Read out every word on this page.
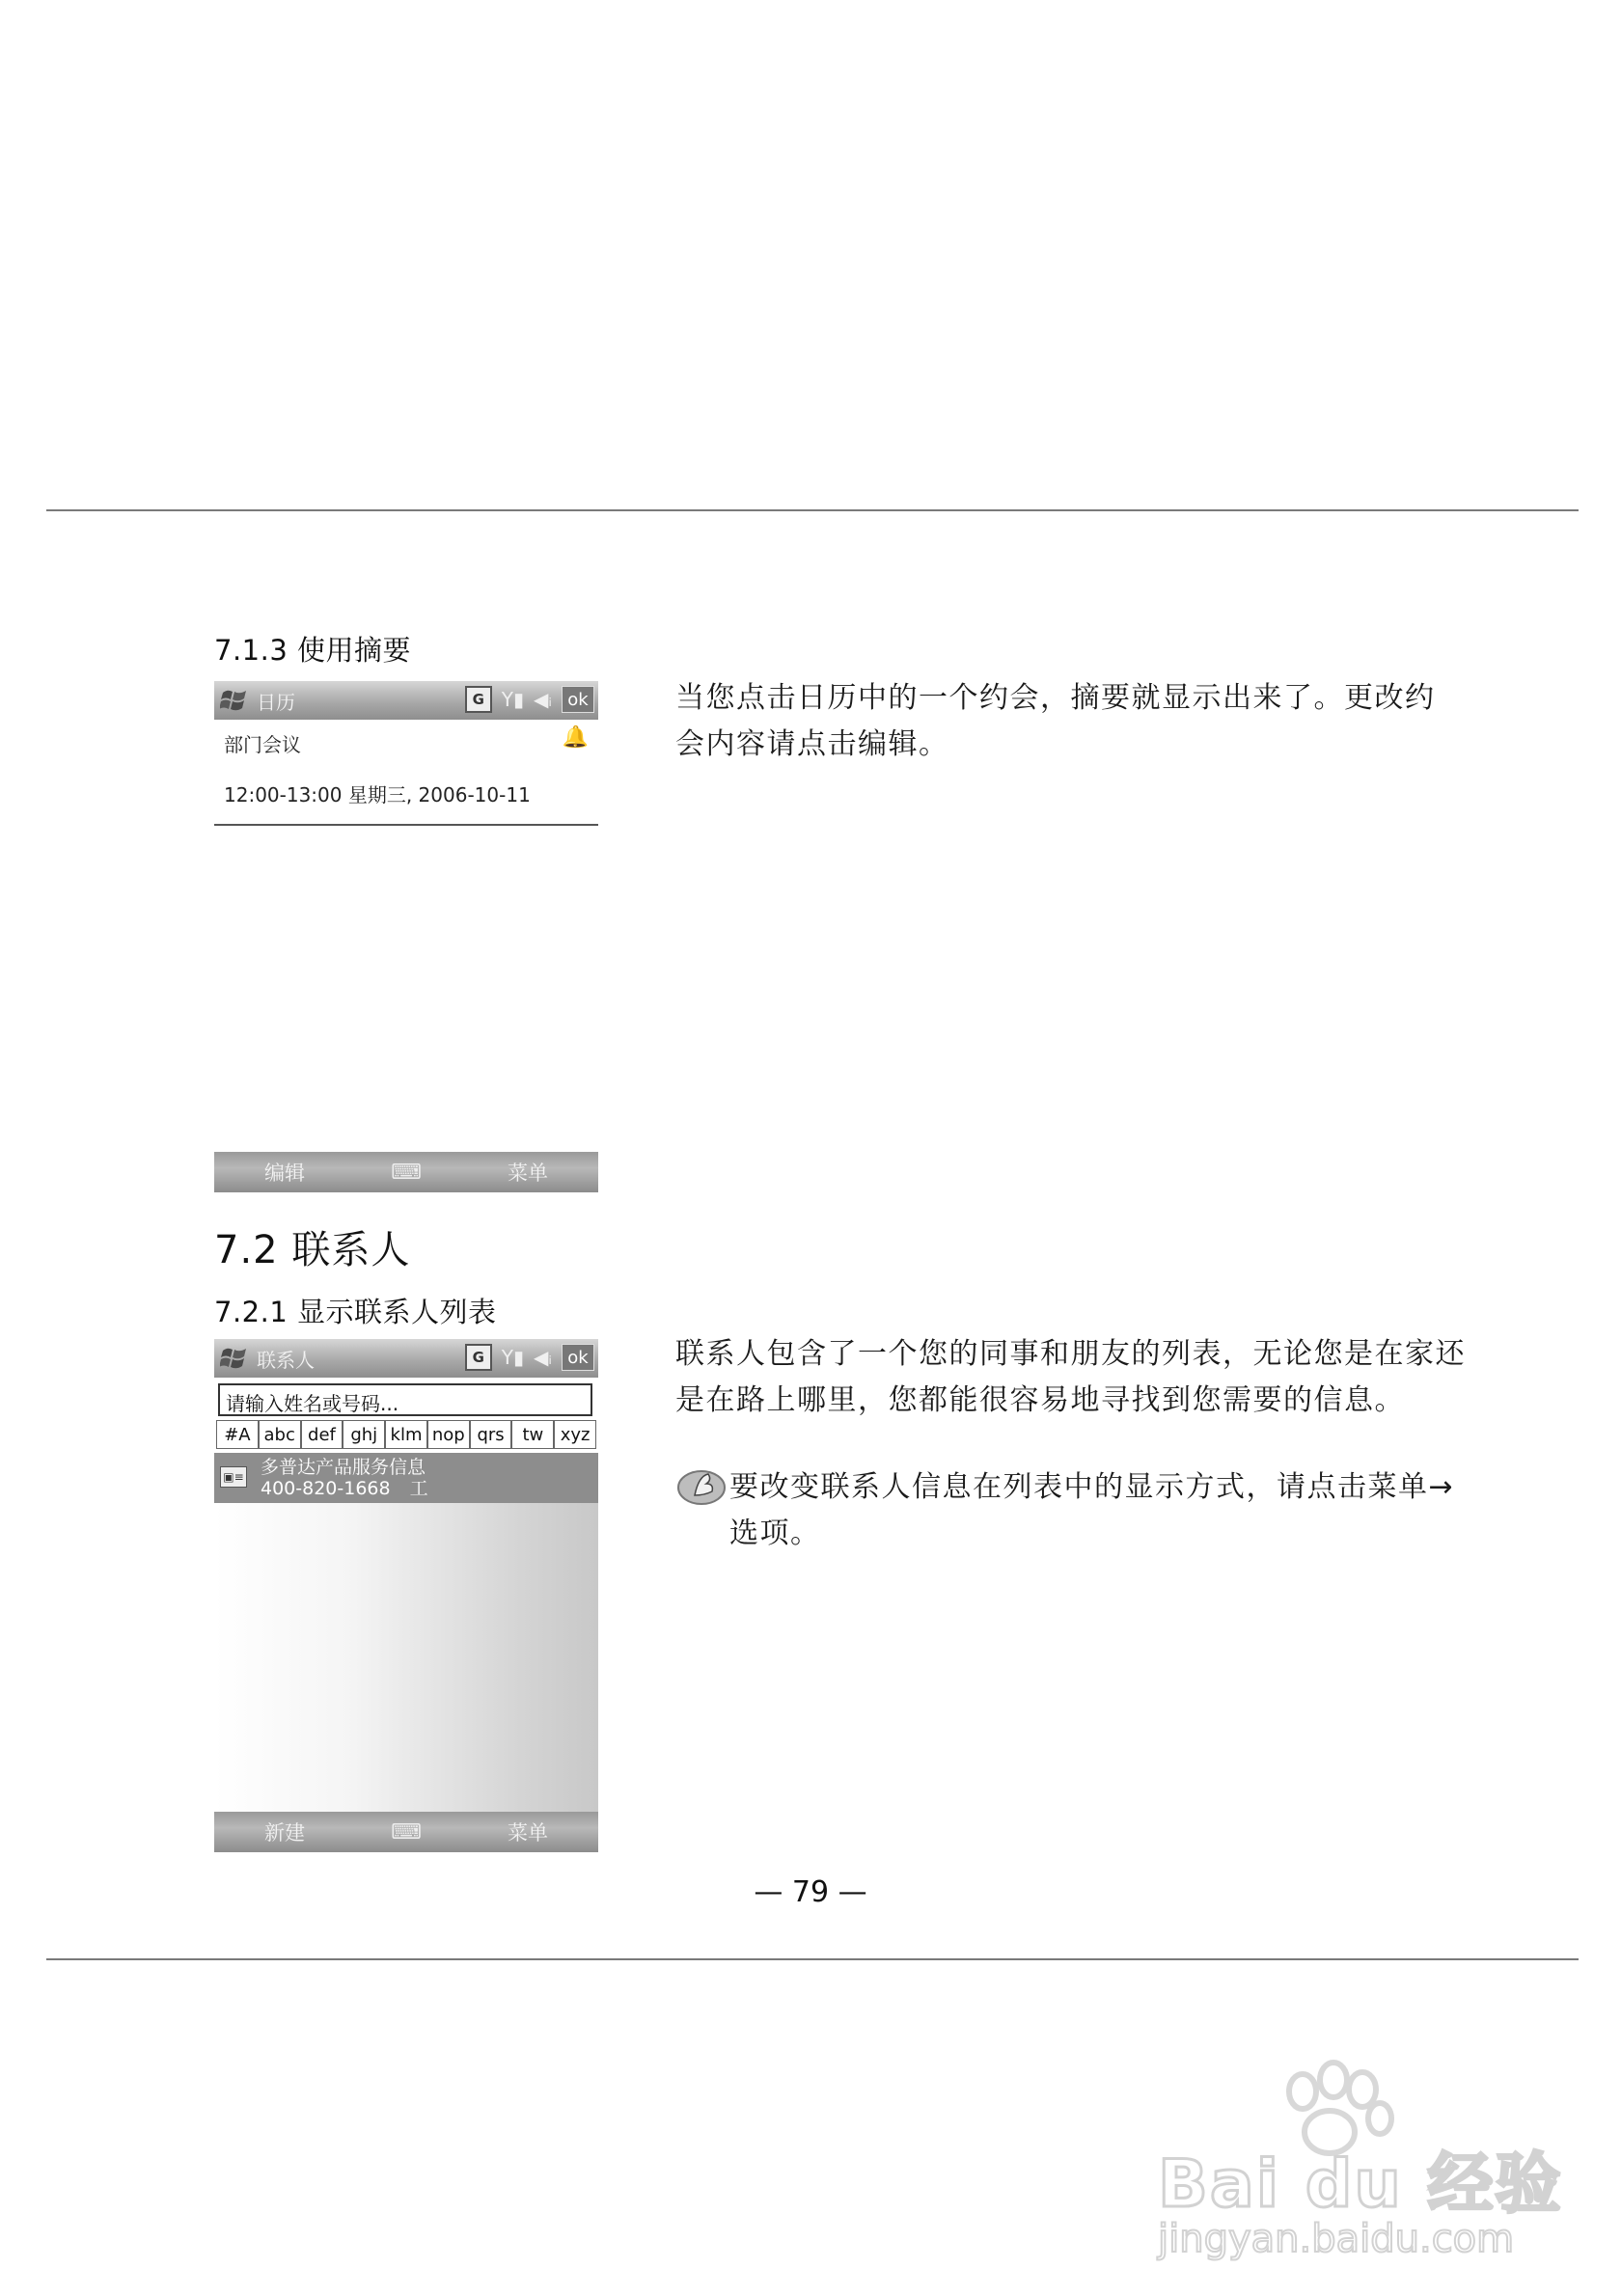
7.1.3 使用摘要
日历	G Y▮ ◀ᵢ ok
部门会议	🔔
12:00-13:00 星期三, 2006-10-11
编辑	⌨	菜单
当您点击日历中的一个约会，摘要就显示出来了。更改约
会内容请点击编辑。
7.2 联系人
7.2.1 显示联系人列表
联系人	G Y▮ ◀ᵢ ok
请输入姓名或号码...
#A abc def ghj klm nop qrs	tw xyz
▣≡ 多普达产品服务信息
400-820-1668 工
新建	⌨	菜单
联系人包含了一个您的同事和朋友的列表，无论您是在家还
是在路上哪里，您都能很容易地寻找到您需要的信息。
要改变联系人信息在列表中的显示方式，请点击菜单→
选项。
— 79 —
Bai du 经验
jingyan.baidu.com
